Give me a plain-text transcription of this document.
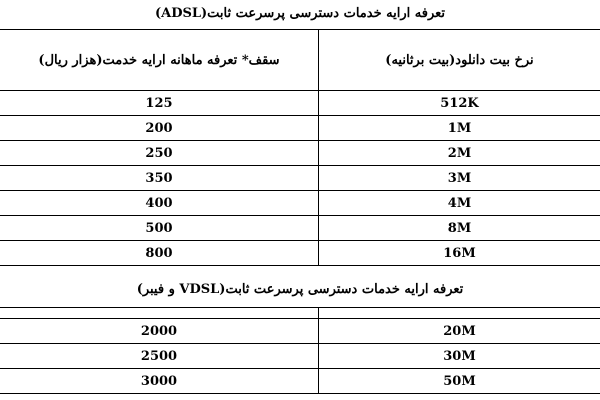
تعرفه ارایه خدمات دسترسی پرسرعت ثابت(ADSL)
سقف* تعرفه ماهانه ارایه خدمت(هزار ریال)	نرخ بیت دانلود(بیت برثانیه)
125	512K
200	1M
250	2M
350	3M
400	4M
500	8M
800	16M
تعرفه ارایه خدمات دسترسی پرسرعت ثابت(VDSL و فیبر)

2000	20M
2500	30M
3000	50M
